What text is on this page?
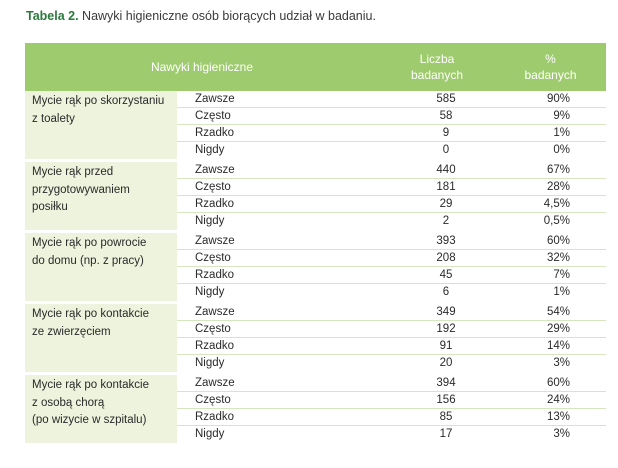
Tabela 2. Nawyki higieniczne osób biorących udział w badaniu.
Nawyki higieniczne
Liczba
badanych
%
badanych
Mycie rąk po skorzystaniu
z toalety
Zawsze	585	90%
Często	58	9%
Rzadko	9	1%
Nigdy	0	0%
Mycie rąk przed
przygotowywaniem
posiłku
Zawsze	440	67%
Często	181	28%
Rzadko	29	4,5%
Nigdy	2	0,5%
Mycie rąk po powrocie
do domu (np. z pracy)
Zawsze	393	60%
Często	208	32%
Rzadko	45	7%
Nigdy	6	1%
Mycie rąk po kontakcie
ze zwierzęciem
Zawsze	349	54%
Często	192	29%
Rzadko	91	14%
Nigdy	20	3%
Mycie rąk po kontakcie
z osobą chorą
(po wizycie w szpitalu)
Zawsze	394	60%
Często	156	24%
Rzadko	85	13%
Nigdy	17	3%
